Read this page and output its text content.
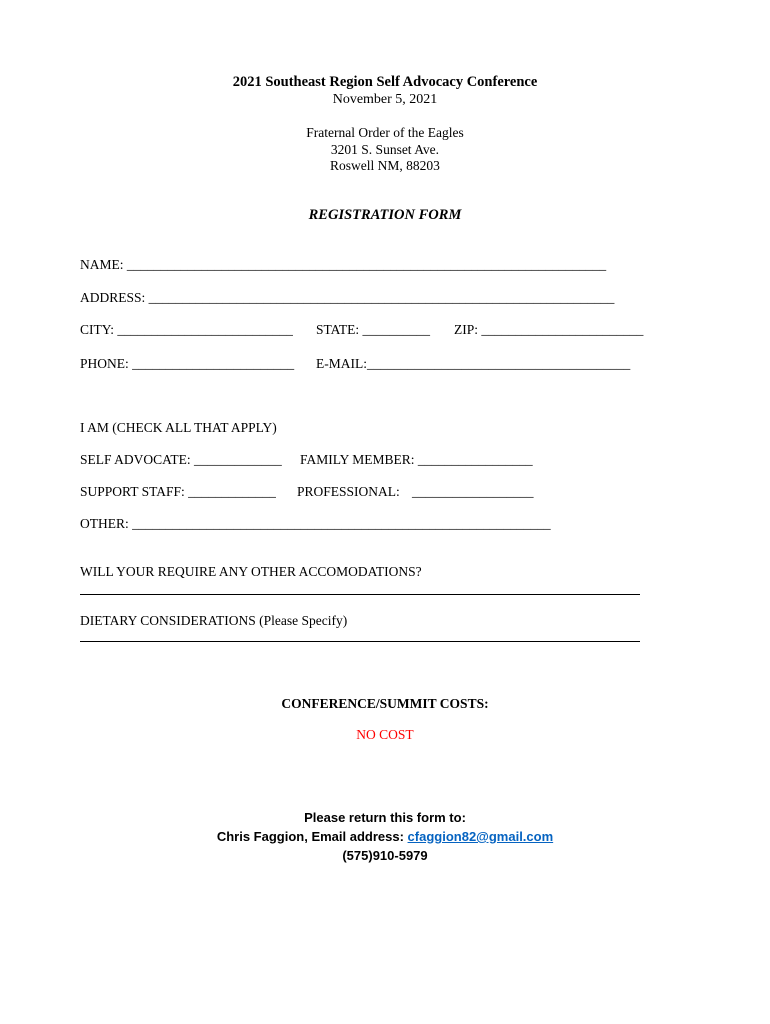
2021 Southeast Region Self Advocacy Conference
November 5, 2021
Fraternal Order of the Eagles
3201 S. Sunset Ave.
Roswell NM, 88203
REGISTRATION FORM
NAME: _______________________________________________________________________
ADDRESS: _____________________________________________________________________
CITY: __________________________ STATE: __________ ZIP: ________________________
PHONE: ________________________ E-MAIL:_______________________________________
I AM (CHECK ALL THAT APPLY)
SELF ADVOCATE: _____________ FAMILY MEMBER: _________________
SUPPORT STAFF: _____________ PROFESSIONAL: __________________
OTHER: ______________________________________________________________
WILL YOUR REQUIRE ANY OTHER ACCOMODATIONS?
DIETARY CONSIDERATIONS (Please Specify)
CONFERENCE/SUMMIT COSTS:
NO COST
Please return this form to:
Chris Faggion, Email address: cfaggion82@gmail.com
(575)910-5979
